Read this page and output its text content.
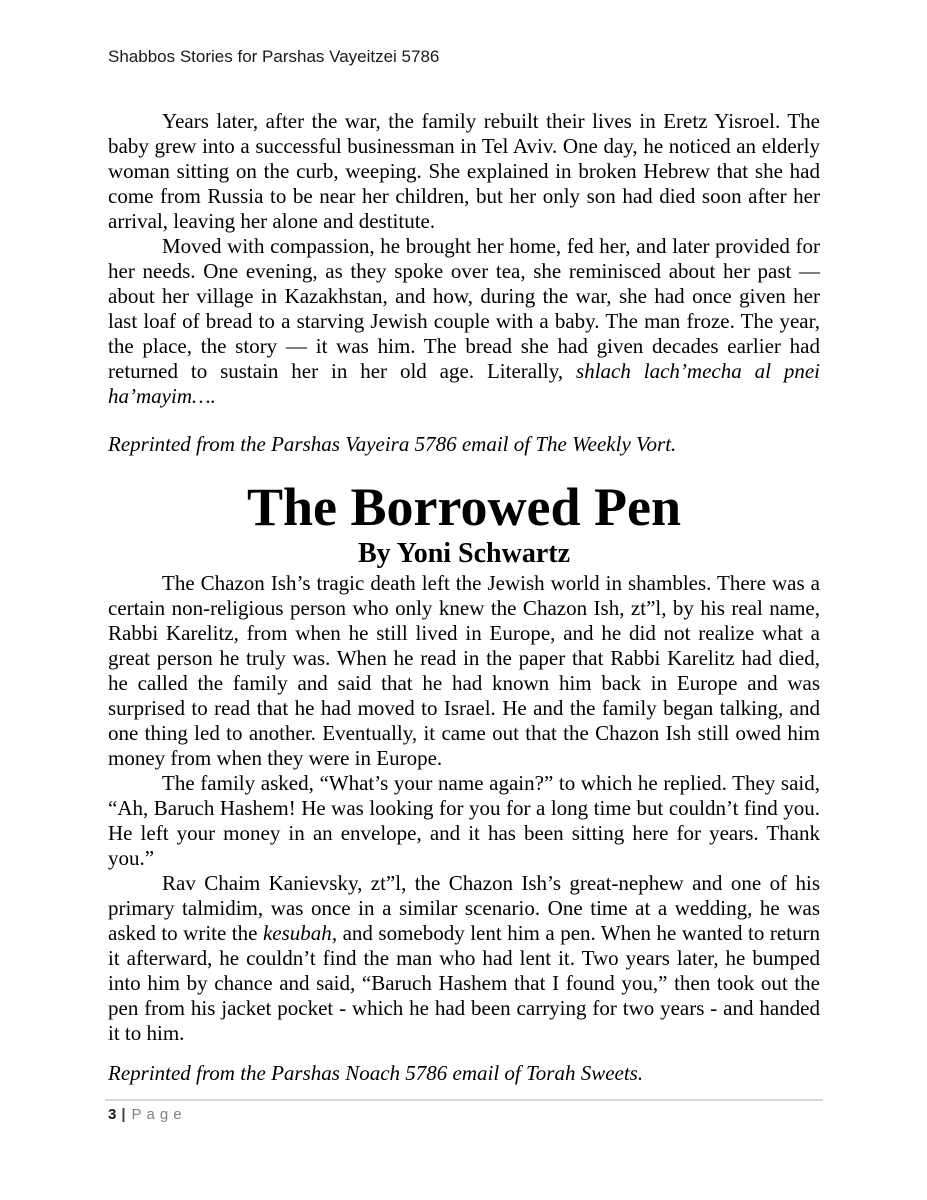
Shabbos Stories for Parshas Vayeitzei 5786

Years later, after the war, the family rebuilt their lives in Eretz Yisroel. The baby grew into a successful businessman in Tel Aviv. One day, he noticed an elderly woman sitting on the curb, weeping. She explained in broken Hebrew that she had come from Russia to be near her children, but her only son had died soon after her arrival, leaving her alone and destitute.

Moved with compassion, he brought her home, fed her, and later provided for her needs. One evening, as they spoke over tea, she reminisced about her past — about her village in Kazakhstan, and how, during the war, she had once given her last loaf of bread to a starving Jewish couple with a baby. The man froze. The year, the place, the story — it was him. The bread she had given decades earlier had returned to sustain her in her old age. Literally, shlach lach’mecha al pnei ha’mayim….

Reprinted from the Parshas Vayeira 5786 email of The Weekly Vort.

The Borrowed Pen
By Yoni Schwartz

The Chazon Ish’s tragic death left the Jewish world in shambles. There was a certain non-religious person who only knew the Chazon Ish, zt”l, by his real name, Rabbi Karelitz, from when he still lived in Europe, and he did not realize what a great person he truly was. When he read in the paper that Rabbi Karelitz had died, he called the family and said that he had known him back in Europe and was surprised to read that he had moved to Israel. He and the family began talking, and one thing led to another. Eventually, it came out that the Chazon Ish still owed him money from when they were in Europe.

The family asked, “What’s your name again?” to which he replied. They said, “Ah, Baruch Hashem! He was looking for you for a long time but couldn’t find you. He left your money in an envelope, and it has been sitting here for years. Thank you.”

Rav Chaim Kanievsky, zt”l, the Chazon Ish’s great-nephew and one of his primary talmidim, was once in a similar scenario. One time at a wedding, he was asked to write the kesubah, and somebody lent him a pen. When he wanted to return it afterward, he couldn’t find the man who had lent it. Two years later, he bumped into him by chance and said, “Baruch Hashem that I found you,” then took out the pen from his jacket pocket - which he had been carrying for two years - and handed it to him.

Reprinted from the Parshas Noach 5786 email of Torah Sweets.

3 | Page
